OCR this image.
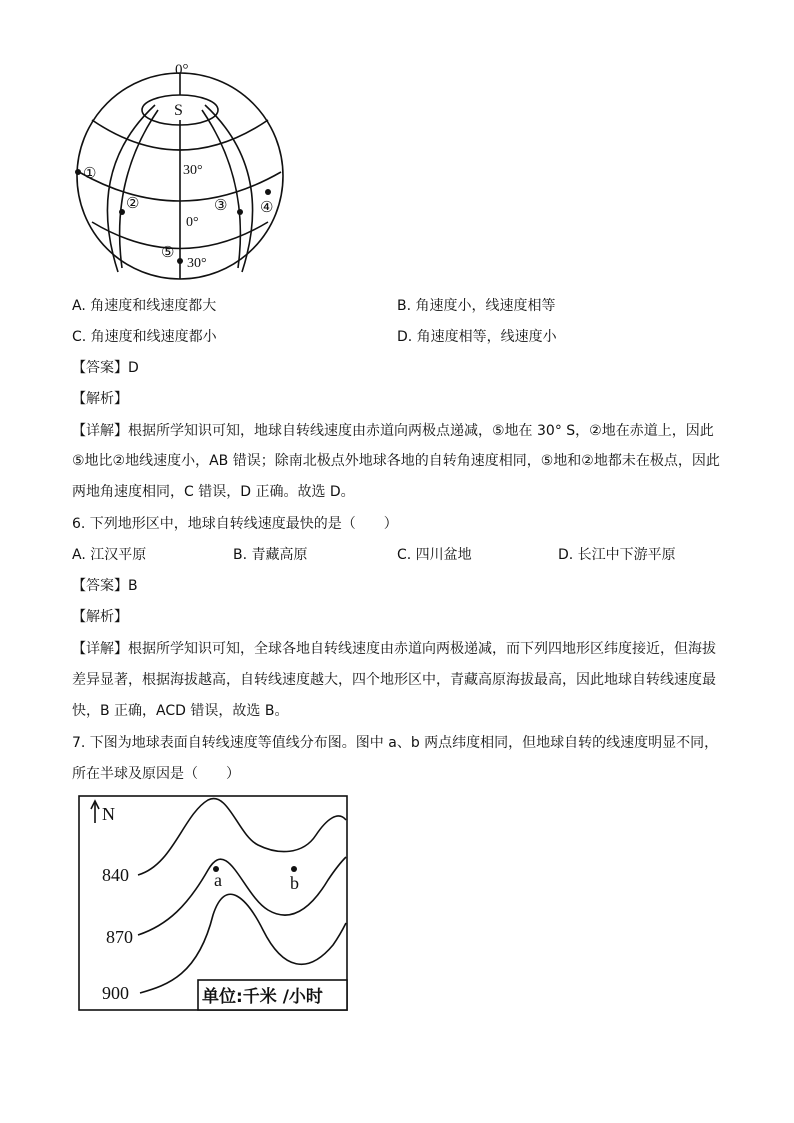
0°
S
30°
0°
30°
①
②	③ ④
⑤
A. 角速度和线速度都大	B. 角速度小，线速度相等
C. 角速度和线速度都小	D. 角速度相等，线速度小
【答案】D
【解析】
【详解】根据所学知识可知，地球自转线速度由赤道向两极点递减，⑤地在 30° S，②地在赤道上，因此
⑤地比②地线速度小，AB 错误；除南北极点外地球各地的自转角速度相同，⑤地和②地都未在极点，因此
两地角速度相同，C 错误，D 正确。故选 D。
6. 下列地形区中，地球自转线速度最快的是（　　）
A. 江汉平原	B. 青藏高原	C. 四川盆地	D. 长江中下游平原
【答案】B
【解析】
【详解】根据所学知识可知，全球各地自转线速度由赤道向两极递减，而下列四地形区纬度接近，但海拔
差异显著，根据海拔越高，自转线速度越大，四个地形区中，青藏高原海拔最高，因此地球自转线速度最
快，B 正确，ACD 错误，故选 B。
7. 下图为地球表面自转线速度等值线分布图。图中 a、b 两点纬度相同，但地球自转的线速度明显不同，
所在半球及原因是（　　）
N
840
870
900
a	b
单位:千米 /小时
